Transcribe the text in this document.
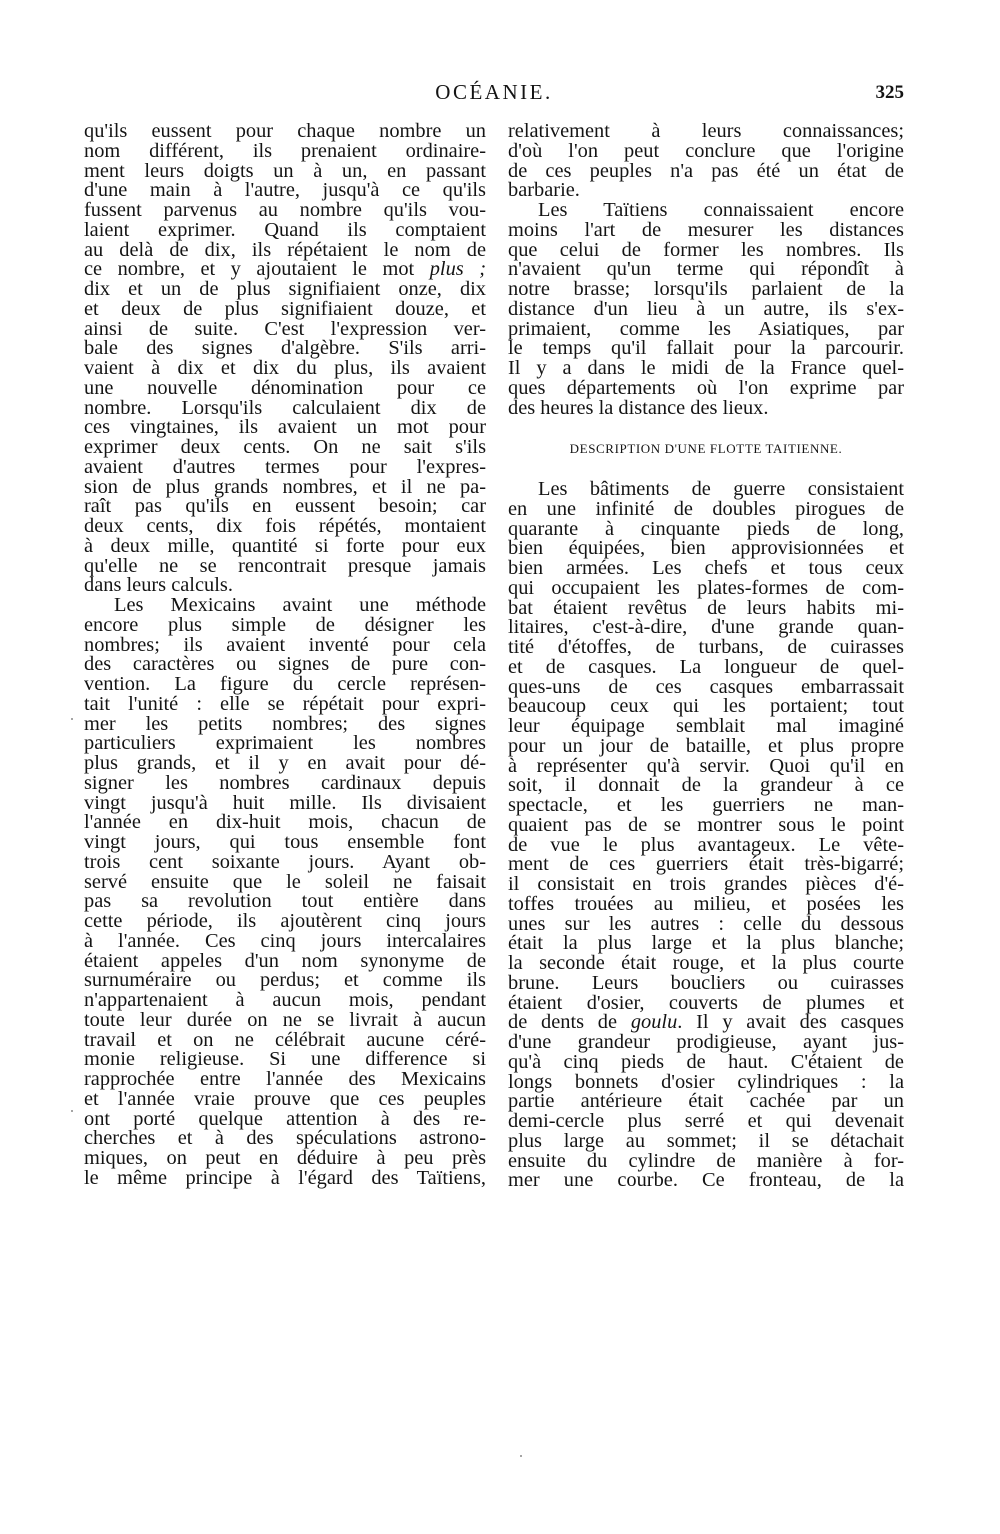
OCÉANIE.	325
qu'ils eussent pour chaque nombre un
nom différent, ils prenaient ordinaire-
ment leurs doigts un à un, en passant
d'une main à l'autre, jusqu'à ce qu'ils
fussent parvenus au nombre qu'ils vou-
laient exprimer. Quand ils comptaient
au delà de dix, ils répétaient le nom de
ce nombre, et y ajoutaient le mot plus ;
dix et un de plus signifiaient onze, dix
et deux de plus signifiaient douze, et
ainsi de suite. C'est l'expression ver-
bale des signes d'algèbre. S'ils arri-
vaient à dix et dix du plus, ils avaient
une nouvelle dénomination pour ce
nombre. Lorsqu'ils calculaient dix de
ces vingtaines, ils avaient un mot pour
exprimer deux cents. On ne sait s'ils
avaient d'autres termes pour l'expres-
sion de plus grands nombres, et il ne pa-
raît pas qu'ils en eussent besoin; car
deux cents, dix fois répétés, montaient
à deux mille, quantité si forte pour eux
qu'elle ne se rencontrait presque jamais
dans leurs calculs.
Les Mexicains avaint une méthode
encore plus simple de désigner les
nombres; ils avaient inventé pour cela
des caractères ou signes de pure con-
vention. La figure du cercle représen-
tait l'unité : elle se répétait pour expri-
mer les petits nombres; des signes
particuliers exprimaient les nombres
plus grands, et il y en avait pour dé-
signer les nombres cardinaux depuis
vingt jusqu'à huit mille. Ils divisaient
l'année en dix-huit mois, chacun de
vingt jours, qui tous ensemble font
trois cent soixante jours. Ayant ob-
servé ensuite que le soleil ne faisait
pas sa revolution tout entière dans
cette période, ils ajoutèrent cinq jours
à l'année. Ces cinq jours intercalaires
étaient appeles d'un nom synonyme de
surnuméraire ou perdus; et comme ils
n'appartenaient à aucun mois, pendant
toute leur durée on ne se livrait à aucun
travail et on ne célébrait aucune céré-
monie religieuse. Si une difference si
rapprochée entre l'année des Mexicains
et l'année vraie prouve que ces peuples
ont porté quelque attention à des re-
cherches et à des spéculations astrono-
miques, on peut en déduire à peu près
le même principe à l'égard des Taïtiens,
relativement à leurs connaissances;
d'où l'on peut conclure que l'origine
de ces peuples n'a pas été un état de
barbarie.
Les Taïtiens connaissaient encore
moins l'art de mesurer les distances
que celui de former les nombres. Ils
n'avaient qu'un terme qui répondît à
notre brasse; lorsqu'ils parlaient de la
distance d'un lieu à un autre, ils s'ex-
primaient, comme les Asiatiques, par
le temps qu'il fallait pour la parcourir.
Il y a dans le midi de la France quel-
ques départements où l'on exprime par
des heures la distance des lieux.
DESCRIPTION D'UNE FLOTTE TAITIENNE.
Les bâtiments de guerre consistaient
en une infinité de doubles pirogues de
quarante à cinquante pieds de long,
bien équipées, bien approvisionnées et
bien armées. Les chefs et tous ceux
qui occupaient les plates-formes de com-
bat étaient revêtus de leurs habits mi-
litaires, c'est-à-dire, d'une grande quan-
tité d'étoffes, de turbans, de cuirasses
et de casques. La longueur de quel-
ques-uns de ces casques embarrassait
beaucoup ceux qui les portaient; tout
leur équipage semblait mal imaginé
pour un jour de bataille, et plus propre
à représenter qu'à servir. Quoi qu'il en
soit, il donnait de la grandeur à ce
spectacle, et les guerriers ne man-
quaient pas de se montrer sous le point
de vue le plus avantageux. Le vête-
ment de ces guerriers était très-bigarré;
il consistait en trois grandes pièces d'é-
toffes trouées au milieu, et posées les
unes sur les autres : celle du dessous
était la plus large et la plus blanche;
la seconde était rouge, et la plus courte
brune. Leurs boucliers ou cuirasses
étaient d'osier, couverts de plumes et
de dents de goulu. Il y avait des casques
d'une grandeur prodigieuse, ayant jus-
qu'à cinq pieds de haut. C'étaient de
longs bonnets d'osier cylindriques : la
partie antérieure était cachée par un
demi-cercle plus serré et qui devenait
plus large au sommet; il se détachait
ensuite du cylindre de manière à for-
mer une courbe. Ce fronteau, de la
